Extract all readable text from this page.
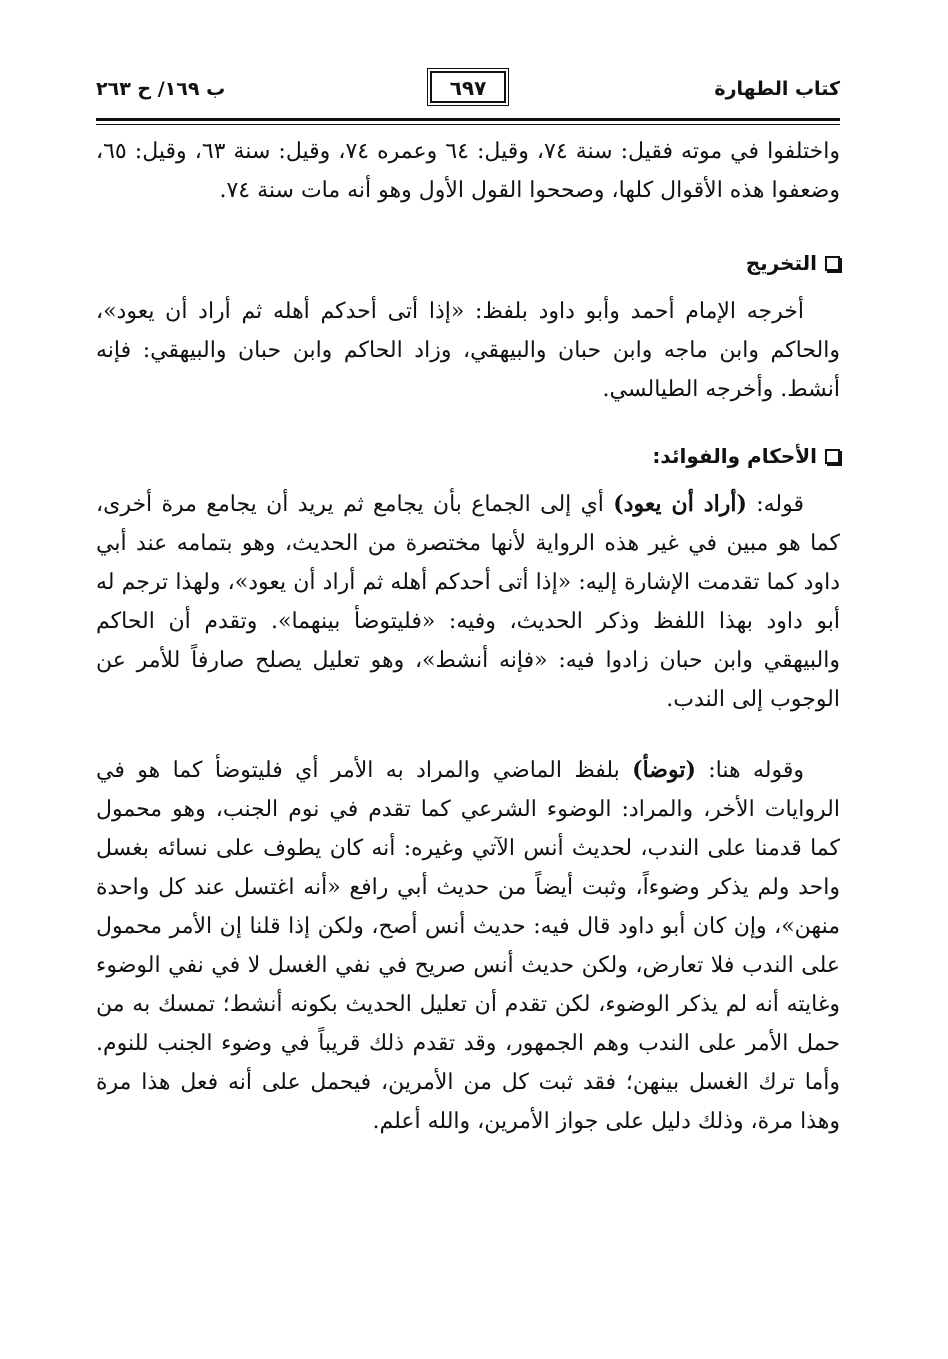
كتاب الطهارة
٦٩٧
ب ١٦٩/ ح ٢٦٣

واختلفوا في موته فقيل: سنة ٧٤، وقيل: ٦٤ وعمره ٧٤، وقيل: سنة ٦٣، وقيل: ٦٥، وضعفوا هذه الأقوال كلها، وصححوا القول الأول وهو أنه مات سنة ٧٤.

التخريج

أخرجه الإمام أحمد وأبو داود بلفظ: «إذا أتى أحدكم أهله ثم أراد أن يعود»، والحاكم وابن ماجه وابن حبان والبيهقي، وزاد الحاكم وابن حبان والبيهقي: فإنه أنشط. وأخرجه الطيالسي.

الأحكام والفوائد:

قوله: (أراد أن يعود) أي إلى الجماع بأن يجامع ثم يريد أن يجامع مرة أخرى، كما هو مبين في غير هذه الرواية لأنها مختصرة من الحديث، وهو بتمامه عند أبي داود كما تقدمت الإشارة إليه: «إذا أتى أحدكم أهله ثم أراد أن يعود»، ولهذا ترجم له أبو داود بهذا اللفظ وذكر الحديث، وفيه: «فليتوضأ بينهما». وتقدم أن الحاكم والبيهقي وابن حبان زادوا فيه: «فإنه أنشط»، وهو تعليل يصلح صارفاً للأمر عن الوجوب إلى الندب.

وقوله هنا: (توضأ) بلفظ الماضي والمراد به الأمر أي فليتوضأ كما هو في الروايات الأخر، والمراد: الوضوء الشرعي كما تقدم في نوم الجنب، وهو محمول كما قدمنا على الندب، لحديث أنس الآتي وغيره: أنه كان يطوف على نسائه بغسل واحد ولم يذكر وضوءاً، وثبت أيضاً من حديث أبي رافع «أنه اغتسل عند كل واحدة منهن»، وإن كان أبو داود قال فيه: حديث أنس أصح، ولكن إذا قلنا إن الأمر محمول على الندب فلا تعارض، ولكن حديث أنس صريح في نفي الغسل لا في نفي الوضوء وغايته أنه لم يذكر الوضوء، لكن تقدم أن تعليل الحديث بكونه أنشط؛ تمسك به من حمل الأمر على الندب وهم الجمهور، وقد تقدم ذلك قريباً في وضوء الجنب للنوم. وأما ترك الغسل بينهن؛ فقد ثبت كل من الأمرين، فيحمل على أنه فعل هذا مرة وهذا مرة، وذلك دليل على جواز الأمرين، والله أعلم.
